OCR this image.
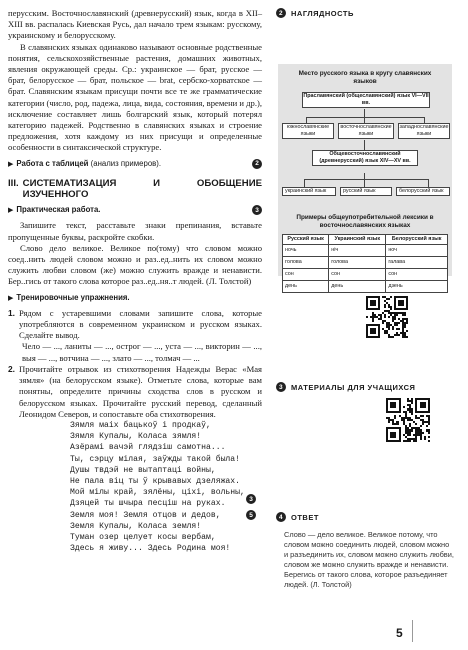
перусским. Восточнославянский (древнерусский) язык, когда в XII–XIII вв. распалась Киевская Русь, дал начало трем языкам: русскому, украинскому и белорусскому.

В славянских языках одинаково называют основные родственные понятия, сельскохозяйственные растения, домашних животных, явления окружающей среды. Ср.: украинское — брат, русское — брат, белорусское — брат, польское — brat, сербско-хорватское — брат. Славянским языкам присущи почти все те же грамматические категории (число, род, падежа, лица, вида, состояния, времени и др.), исключение составляет лишь болгарский язык, который потерял категорию падежей. Родственно в славянских языках и строение предложения, хотя каждому из них присущи и определенные особенности в синтаксической структуре.

▶ Работа с таблицей (анализ примеров).	2
III. СИСТЕМАТИЗАЦИЯ И ОБОБЩЕНИЕ ИЗУЧЕННОГО
▶ Практическая работа.	3

Запишите текст, расставьте знаки препинания, вставьте пропущенные буквы, раскройте скобки.

Слово дело великое. Великое по(тому) что словом можно соед..нить людей словом можно и раз..ед..нить их словом можно служить любви словом (же) можно служить вражде и ненависти. Бер..гись от такого слова которое раз..ед..ня..т людей. (Л. Толстой)

▶ Тренировочные упражнения.
1. Рядом с устаревшими словами запишите слова, которые употребляются в современном украинском и русском языках. Сделайте вывод.

Чело — ..., ланиты — ..., острог — ..., уста — ..., викторин — ..., выя — ..., вотчина — ..., злато — ..., толмач — ...

2. Прочитайте отрывок из стихотворения Надежды Верас «Мая зямля» (на белорусском языке). Отметьте слова, которые вам понятны, определите причины сходства слов в русском и белорусском языках. Прочитайте русский перевод, сделанный Леонидом Северов, и сопоставьте оба стихотворения.
Зямля маіх бацькоў і продкаў,
Зямля Купалы, Коласа зямля!
Азёрамі вачэй глядзіш самотна...
Ты, сэрцу мілая, заўжды такой была!
Душы твдэй не вытаптаці войны,
Не пала віц ты ў крывавых дзеляжах.
Мой мілы край, зялёны, ціхі, вольны,
Дзяцей ты шчыра песціш на руках.
Земля моя! Земля отцов и дедов,
Земля Купалы, Коласа земля!
Туман озер целует косы вербам,
Здесь я живу... Здесь Родина моя!
3
5
2	НАГЛЯДНОСТЬ
Место русского языка в кругу славянских языков
Праславянский (общеславянский) язык VI—VII вв.
южнославянские языки
восточнославянские языки
западнославянские языки
Общевосточнославянский (древнерусский) язык XIV—XV вв.
украинский язык	русский язык	белорусский язык
Примеры общеупотребительной лексики в восточнославянских языках
Русский язык	Украинский язык	Белорусский язык
ночь	ніч	ноч
голова	голова	галава
сон	сон	сон
день	день	дзень
3	МАТЕРИАЛЫ ДЛЯ УЧАЩИХСЯ
4	ОТВЕТ
Слово — дело великое. Великое потому, что словом можно соединить людей, словом можно и разъединить их, словом можно служить любви, словом же можно служить вражде и ненависти. Берегись от такого слова, которое разъединяет людей. (Л. Толстой)
5
